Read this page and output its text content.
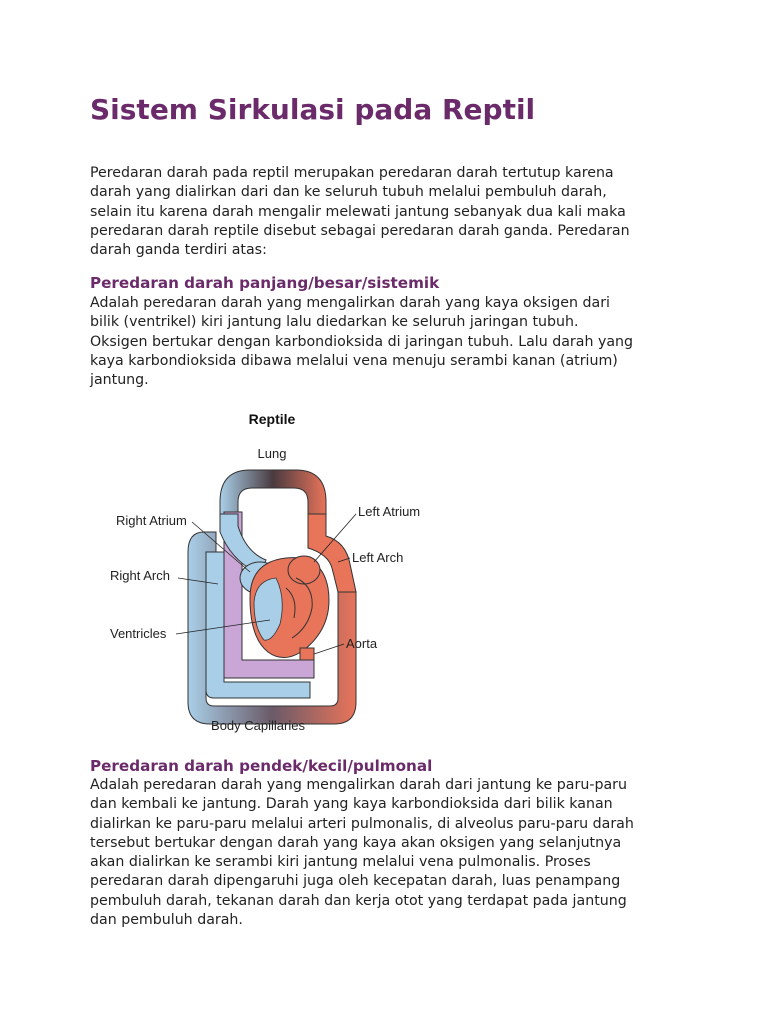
Sistem Sirkulasi pada Reptil

Peredaran darah pada reptil merupakan peredaran darah tertutup karena
darah yang dialirkan dari dan ke seluruh tubuh melalui pembuluh darah,
selain itu karena darah mengalir melewati jantung sebanyak dua kali maka
peredaran darah reptile disebut sebagai peredaran darah ganda. Peredaran
darah ganda terdiri atas:

Peredaran darah panjang/besar/sistemik

Adalah peredaran darah yang mengalirkan darah yang kaya oksigen dari
bilik (ventrikel) kiri jantung lalu diedarkan ke seluruh jaringan tubuh.
Oksigen bertukar dengan karbondioksida di jaringan tubuh. Lalu darah yang
kaya karbondioksida dibawa melalui vena menuju serambi kanan (atrium)
jantung.

Reptile
Lung
Right Atrium
Left Atrium
Left Arch
Right Arch
Ventricles
Aorta
Body Capillaries
Peredaran darah pendek/kecil/pulmonal

Adalah peredaran darah yang mengalirkan darah dari jantung ke paru-paru
dan kembali ke jantung. Darah yang kaya karbondioksida dari bilik kanan
dialirkan ke paru-paru melalui arteri pulmonalis, di alveolus paru-paru darah
tersebut bertukar dengan darah yang kaya akan oksigen yang selanjutnya
akan dialirkan ke serambi kiri jantung melalui vena pulmonalis. Proses
peredaran darah dipengaruhi juga oleh kecepatan darah, luas penampang
pembuluh darah, tekanan darah dan kerja otot yang terdapat pada jantung
dan pembuluh darah.
